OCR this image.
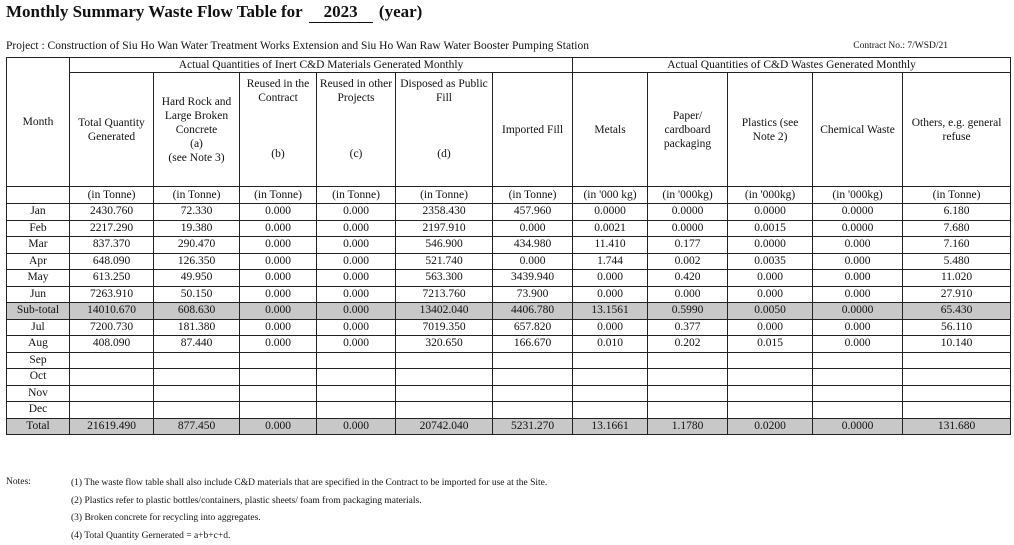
Monthly Summary Waste Flow Table for 2023 (year)
Project : Construction of Siu Ho Wan Water Treatment Works Extension and Siu Ho Wan Raw Water Booster Pumping Station	Contract No.: 7/WSD/21
Month	Actual Quantities of Inert C&D Materials Generated Monthly						Actual Quantities of C&D Wastes Generated Monthly				

	Total Quantity Generated	Hard Rock and Large Broken Concrete
(a)
(see Note 3)	Reused in the Contract
(b)	Reused in other Projects
(c)	Disposed as Public Fill
(d)	Imported Fill	Metals	Paper/ cardboard packaging	Plastics (see Note 2)	Chemical Waste	Others, e.g. general refuse

	(in Tonne)	(in Tonne)	(in Tonne)	(in Tonne)	(in Tonne)	(in Tonne)	(in '000 kg)	(in '000kg)	(in '000kg)	(in '000kg)	(in Tonne)
Jan	2430.760	72.330	0.000	0.000	2358.430	457.960	0.0000	0.0000	0.0000	0.0000	6.180
Feb	2217.290	19.380	0.000	0.000	2197.910	0.000	0.0021	0.0000	0.0015	0.0000	7.680
Mar	837.370	290.470	0.000	0.000	546.900	434.980	11.410	0.177	0.0000	0.000	7.160
Apr	648.090	126.350	0.000	0.000	521.740	0.000	1.744	0.002	0.0035	0.000	5.480
May	613.250	49.950	0.000	0.000	563.300	3439.940	0.000	0.420	0.000	0.000	11.020
Jun	7263.910	50.150	0.000	0.000	7213.760	73.900	0.000	0.000	0.000	0.000	27.910
Sub-total	14010.670	608.630	0.000	0.000	13402.040	4406.780	13.1561	0.5990	0.0050	0.0000	65.430
Jul	7200.730	181.380	0.000	0.000	7019.350	657.820	0.000	0.377	0.000	0.000	56.110
Aug	408.090	87.440	0.000	0.000	320.650	166.670	0.010	0.202	0.015	0.000	10.140
Sep											
Oct											
Nov											
Dec											
Total	21619.490	877.450	0.000	0.000	20742.040	5231.270	13.1661	1.1780	0.0200	0.0000	131.680
Notes:	(1) The waste flow table shall also include C&D materials that are specified in the Contract to be imported for use at the Site.
(2) Plastics refer to plastic bottles/containers, plastic sheets/ foam from packaging materials.
(3) Broken concrete for recycling into aggregates.
(4) Total Quantity Gernerated = a+b+c+d.
